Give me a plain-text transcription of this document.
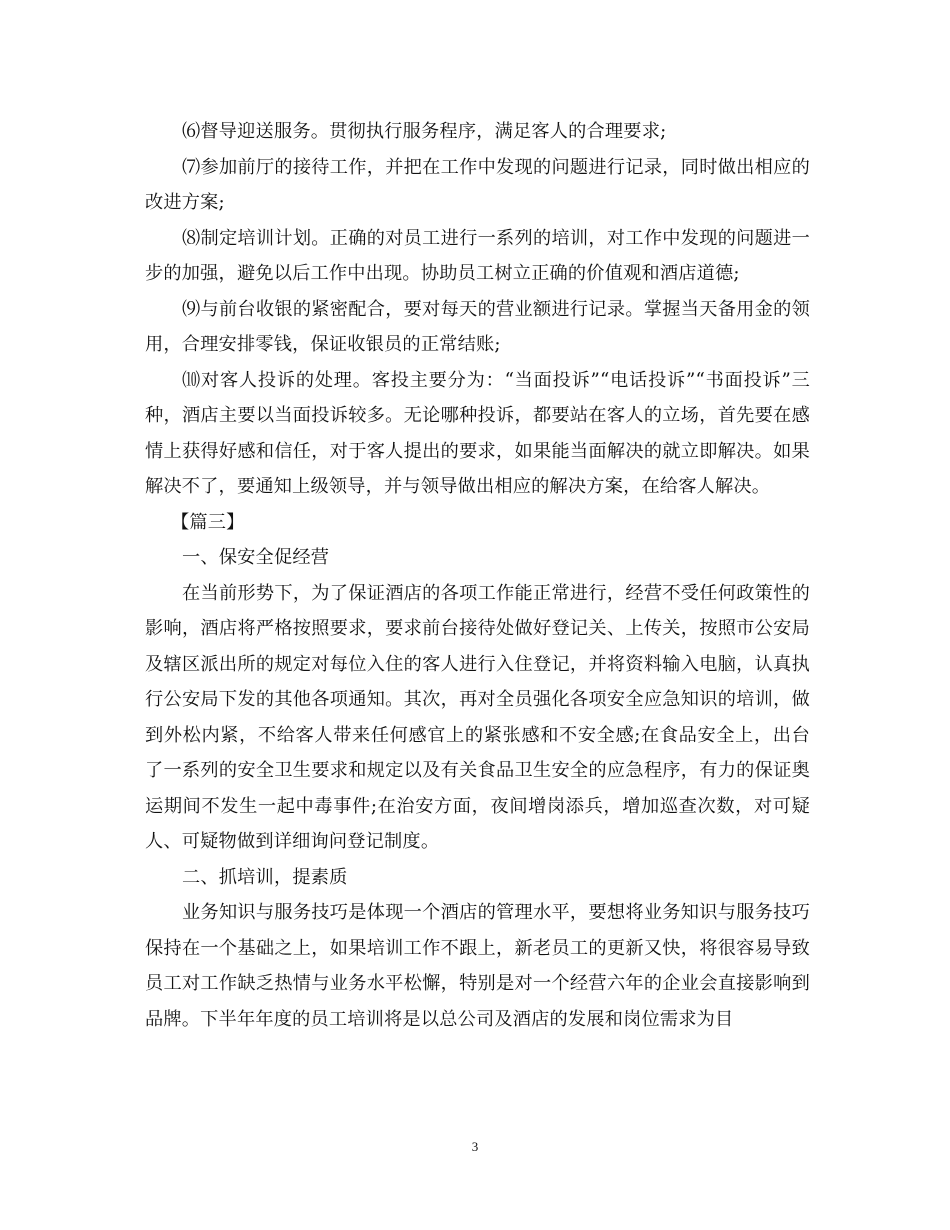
⑹督导迎送服务。贯彻执行服务程序，满足客人的合理要求;

⑺参加前厅的接待工作，并把在工作中发现的问题进行记录，同时做出相应的改进方案;

⑻制定培训计划。正确的对员工进行一系列的培训，对工作中发现的问题进一步的加强，避免以后工作中出现。协助员工树立正确的价值观和酒店道德;

⑼与前台收银的紧密配合，要对每天的营业额进行记录。掌握当天备用金的领用，合理安排零钱，保证收银员的正常结账;

⑽对客人投诉的处理。客投主要分为：“当面投诉”“电话投诉”“书面投诉”三种，酒店主要以当面投诉较多。无论哪种投诉，都要站在客人的立场，首先要在感情上获得好感和信任，对于客人提出的要求，如果能当面解决的就立即解决。如果解决不了，要通知上级领导，并与领导做出相应的解决方案，在给客人解决。

【篇三】

一、保安全促经营

在当前形势下，为了保证酒店的各项工作能正常进行，经营不受任何政策性的影响，酒店将严格按照要求，要求前台接待处做好登记关、上传关，按照市公安局及辖区派出所的规定对每位入住的客人进行入住登记，并将资料输入电脑，认真执行公安局下发的其他各项通知。其次，再对全员强化各项安全应急知识的培训，做到外松内紧，不给客人带来任何感官上的紧张感和不安全感;在食品安全上，出台了一系列的安全卫生要求和规定以及有关食品卫生安全的应急程序，有力的保证奥运期间不发生一起中毒事件;在治安方面，夜间增岗添兵，增加巡查次数，对可疑人、可疑物做到详细询问登记制度。

二、抓培训，提素质

业务知识与服务技巧是体现一个酒店的管理水平，要想将业务知识与服务技巧保持在一个基础之上，如果培训工作不跟上，新老员工的更新又快，将很容易导致员工对工作缺乏热情与业务水平松懈，特别是对一个经营六年的企业会直接影响到品牌。下半年年度的员工培训将是以总公司及酒店的发展和岗位需求为目

3
